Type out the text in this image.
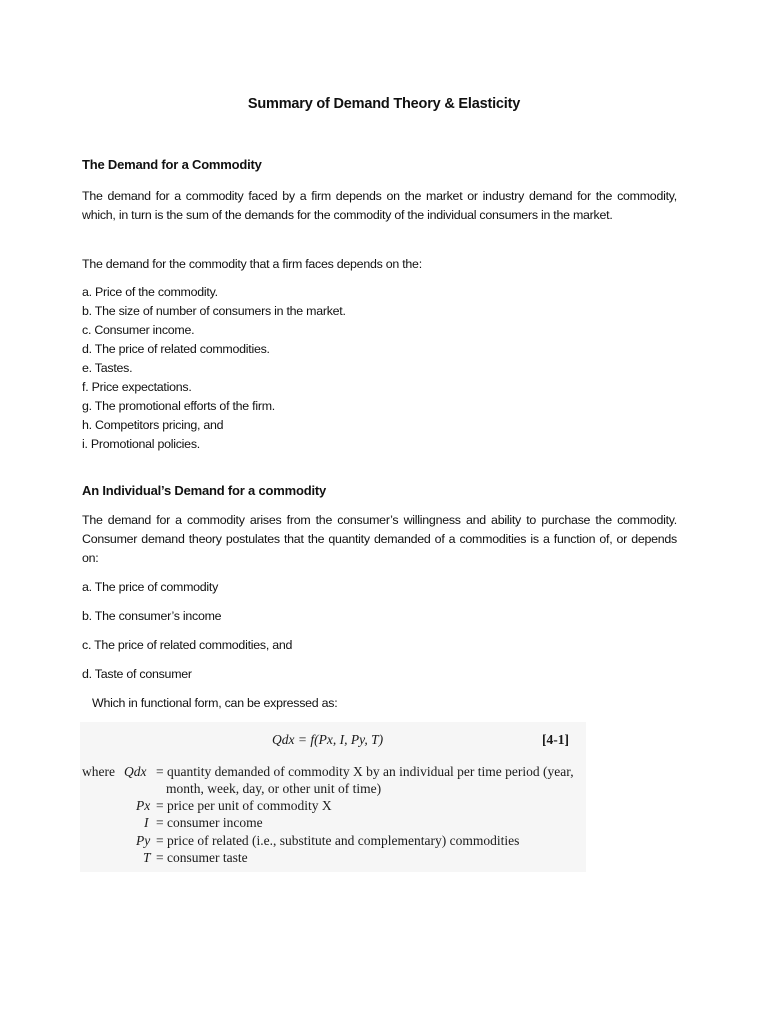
Summary of Demand Theory & Elasticity
The Demand for a Commodity
The demand for a commodity faced by a firm depends on the market or industry demand for the commodity, which, in turn is the sum of the demands for the commodity of the individual consumers in the market.
The demand for the commodity that a firm faces depends on the:
a. Price of the commodity.
b. The size of number of consumers in the market.
c. Consumer income.
d. The price of related commodities.
e. Tastes.
f. Price expectations.
g. The promotional efforts of the firm.
h. Competitors pricing, and
i. Promotional policies.
An Individual’s Demand for a commodity
The demand for a commodity arises from the consumer’s willingness and ability to purchase the commodity. Consumer demand theory postulates that the quantity demanded of a commodities is a function of, or depends on:
a. The price of commodity
b. The consumer’s income
c. The price of related commodities, and
d. Taste of consumer
Which in functional form, can be expressed as:
Qdx = f(Px, I, Py, T)	[4-1]
where Qdx = quantity demanded of commodity X by an individual per time period (year,
month, week, day, or other unit of time)
Px = price per unit of commodity X
I = consumer income
Py = price of related (i.e., substitute and complementary) commodities
T = consumer taste
